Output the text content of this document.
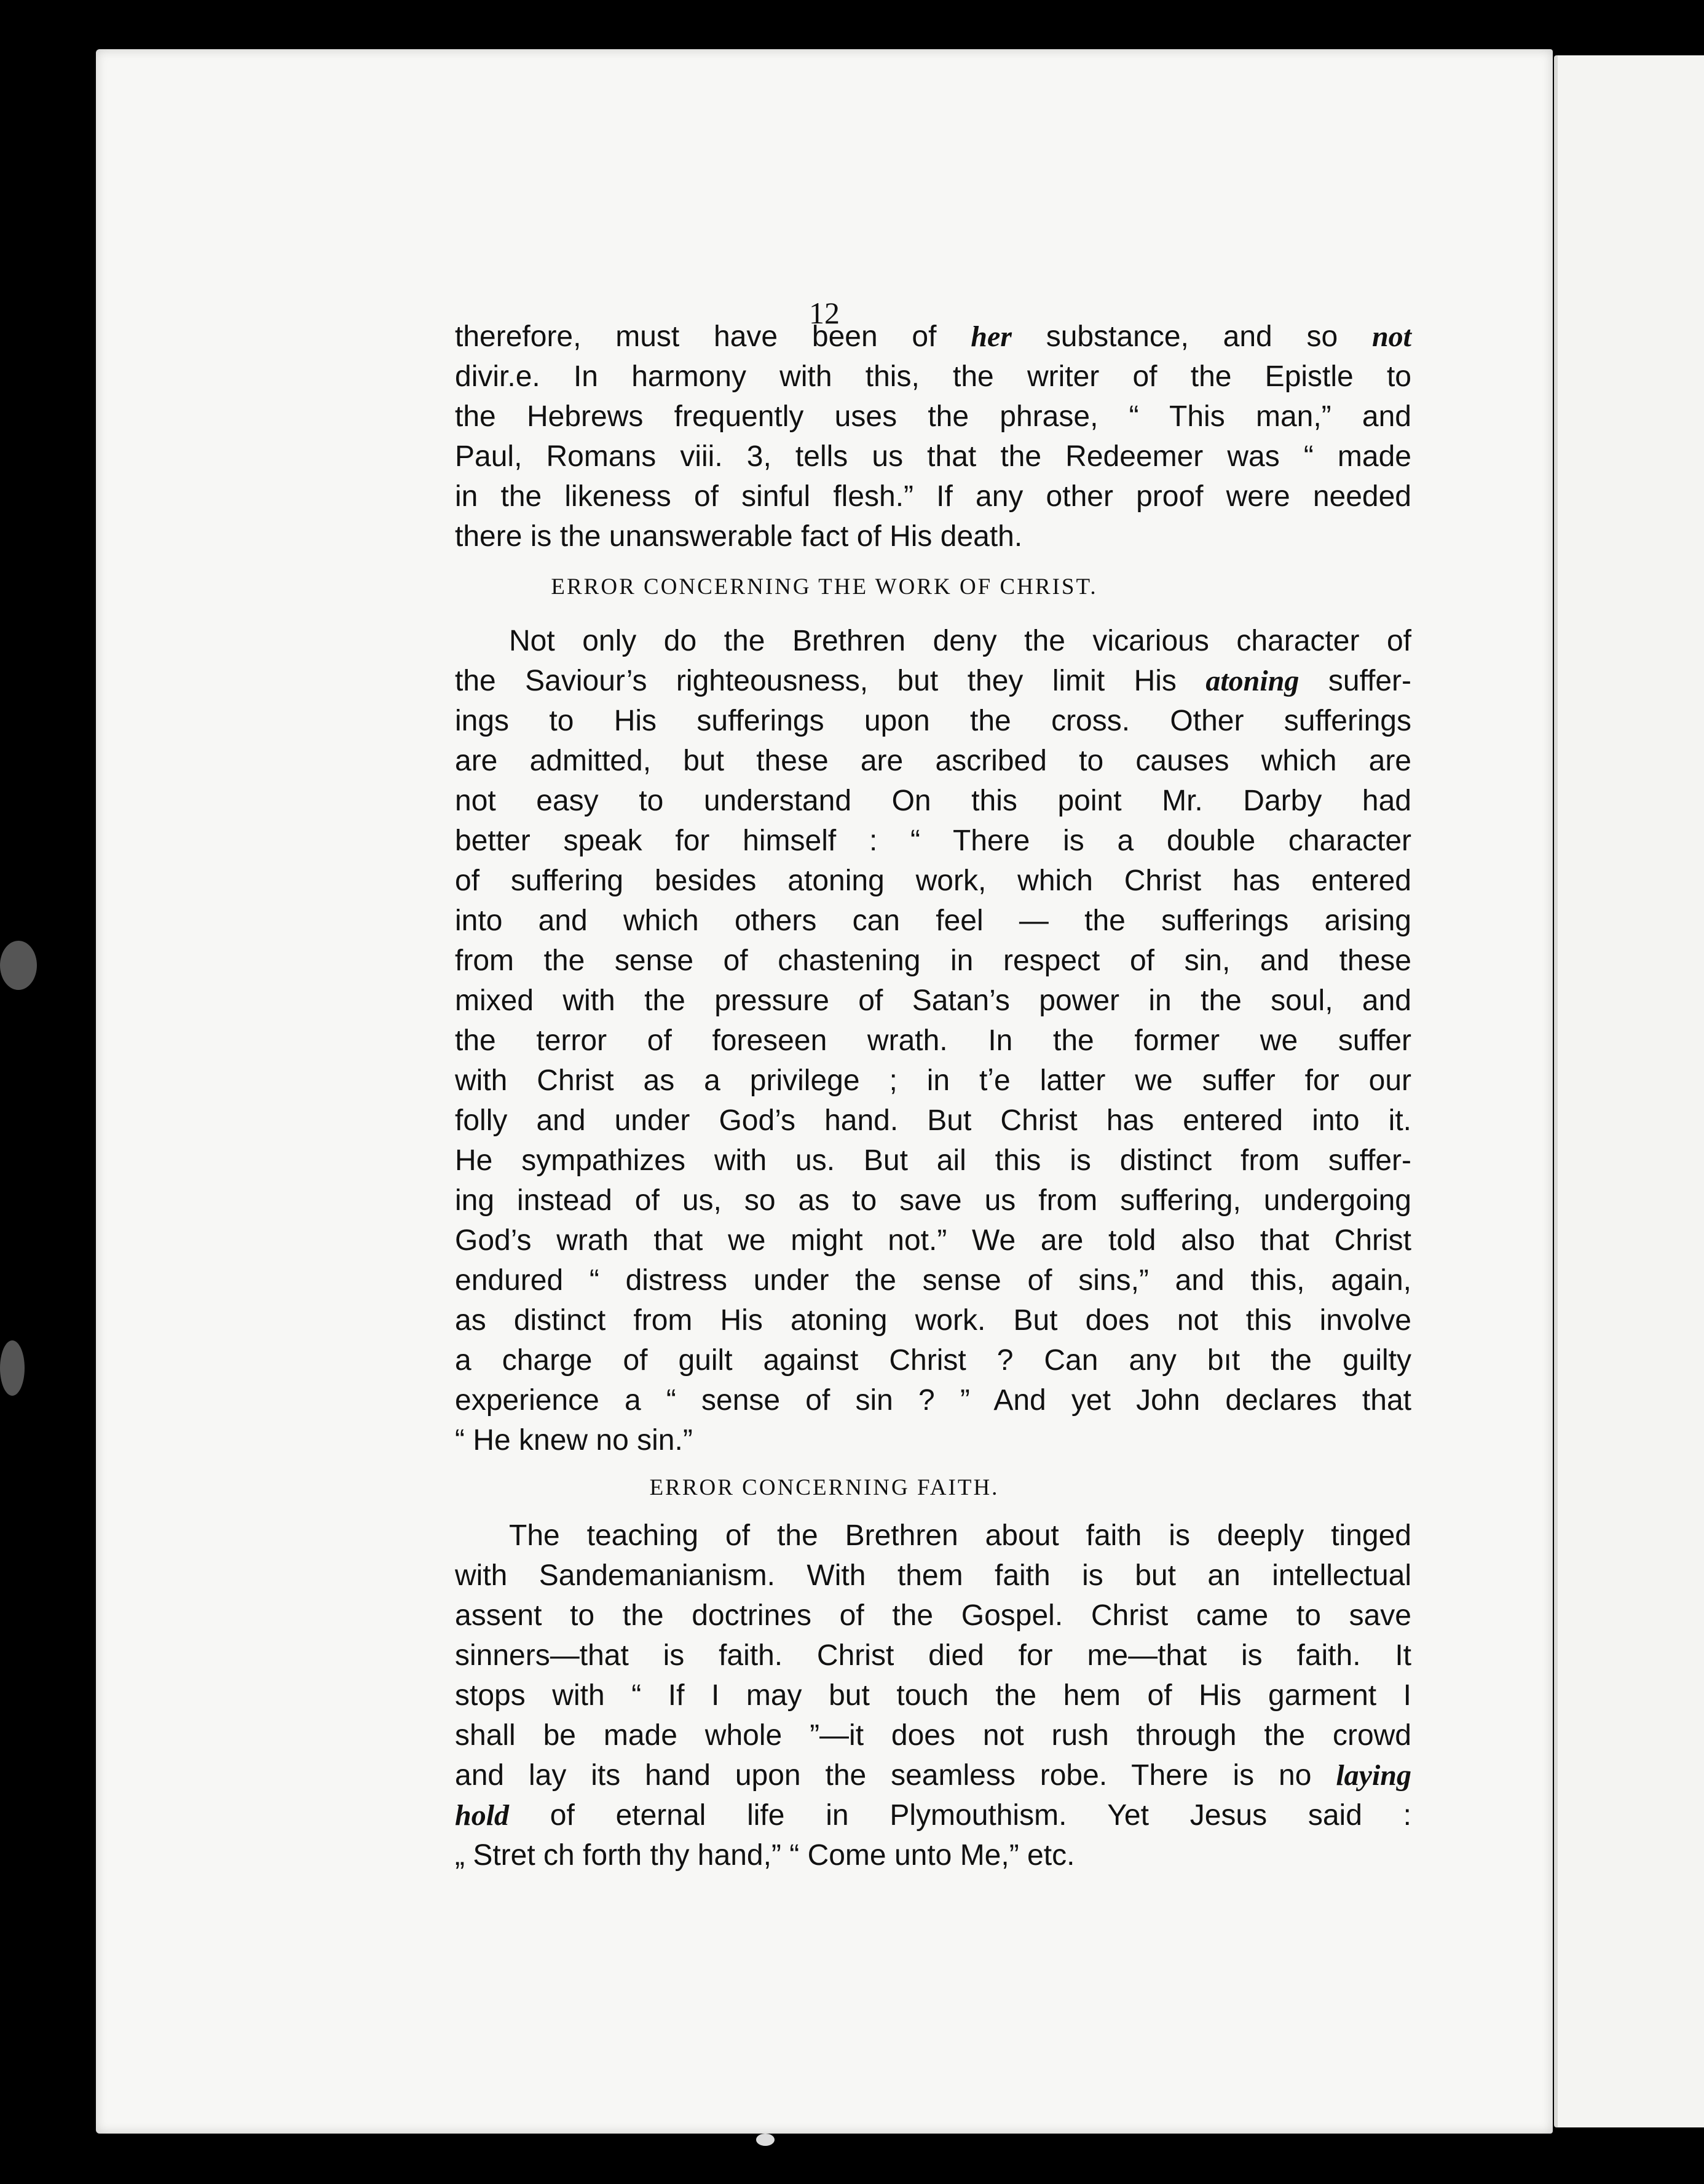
12
therefore, must have been of her substance, and so not
divir.e. In harmony with this, the writer of the Epistle to
the Hebrews frequently uses the phrase, “ This man,” and
Paul, Romans viii. 3, tells us that the Redeemer was “ made
in the likeness of sinful flesh.” If any other proof were needed
there is the unanswerable fact of His death.
ERROR CONCERNING THE WORK OF CHRIST.
Not only do the Brethren deny the vicarious character of
the Saviour’s righteousness, but they limit His atoning suffer-
ings to His sufferings upon the cross. Other sufferings
are admitted, but these are ascribed to causes which are
not easy to understand On this point Mr. Darby had
better speak for himself : “ There is a double character
of suffering besides atoning work, which Christ has entered
into and which others can feel — the sufferings arising
from the sense of chastening in respect of sin, and these
mixed with the pressure of Satan’s power in the soul, and
the terror of foreseen wrath. In the former we suffer
with Christ as a privilege ; in tʼe latter we suffer for our
folly and under God’s hand. But Christ has entered into it.
He sympathizes with us. But ail this is distinct from suffer-
ing instead of us, so as to save us from suffering, undergoing
God’s wrath that we might not.” We are told also that Christ
endured “ distress under the sense of sins,” and this, again,
as distinct from His atoning work. But does not this involve
a charge of guilt against Christ ? Can any bıt the guilty
experience a “ sense of sin ? ” And yet John declares that
“ He knew no sin.”
ERROR CONCERNING FAITH.
The teaching of the Brethren about faith is deeply tinged
with Sandemanianism. With them faith is but an intellectual
assent to the doctrines of the Gospel. Christ came to save
sinners—that is faith. Christ died for me—that is faith. It
stops with “ If I may but touch the hem of His garment I
shall be made whole ”—it does not rush through the crowd
and lay its hand upon the seamless robe. There is no laying
hold of eternal life in Plymouthism. Yet Jesus said :
„ Stret ch forth thy hand,” “ Come unto Me,” etc.
